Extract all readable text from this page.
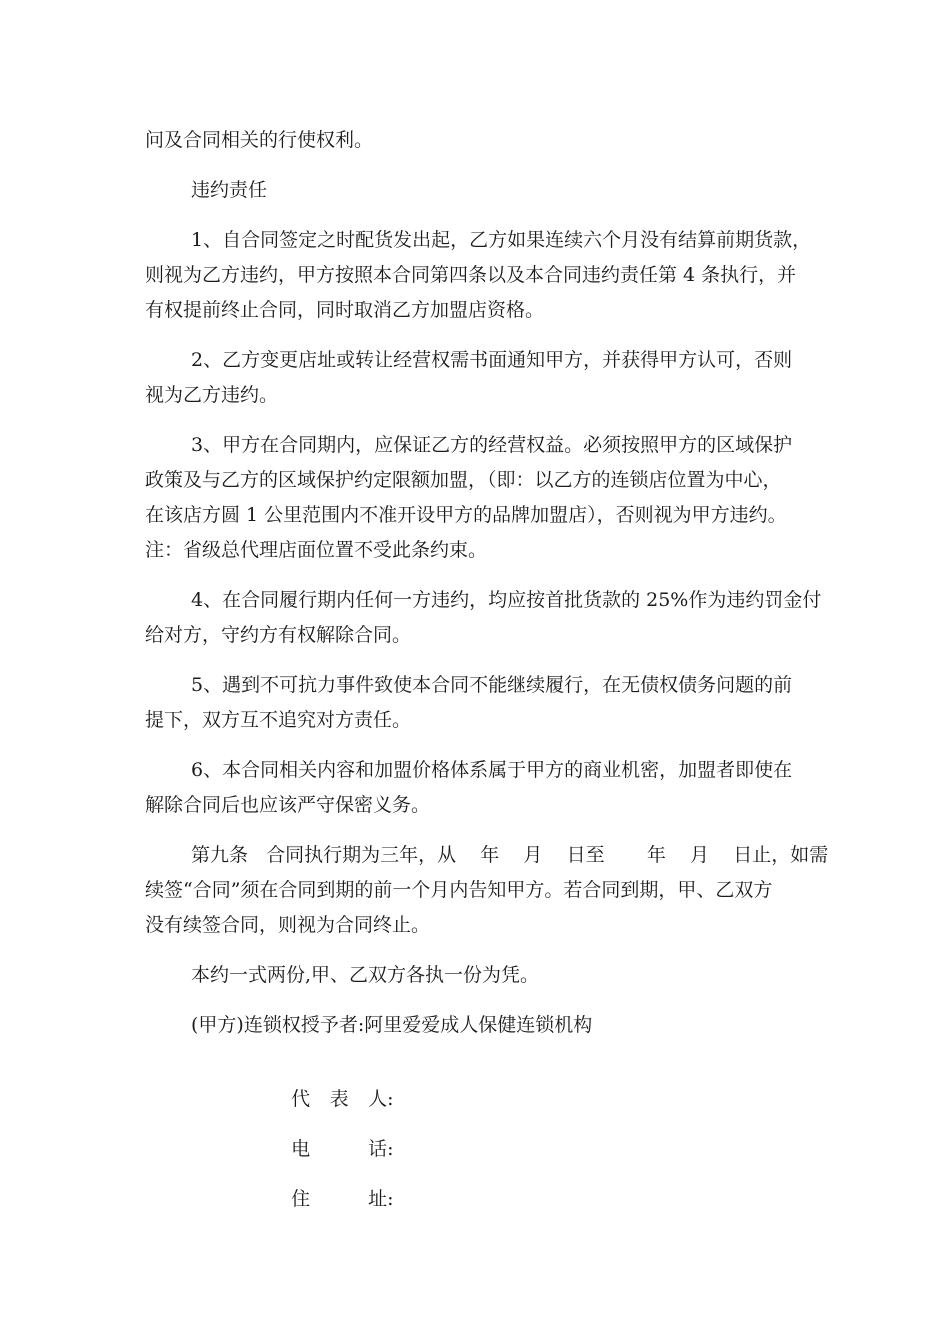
问及合同相关的行使权利。

违约责任

1、自合同签定之时配货发出起，乙方如果连续六个月没有结算前期货款，

则视为乙方违约，甲方按照本合同第四条以及本合同违约责任第 4 条执行，并

有权提前终止合同，同时取消乙方加盟店资格。

2、乙方变更店址或转让经营权需书面通知甲方，并获得甲方认可，否则

视为乙方违约。

3、甲方在合同期内，应保证乙方的经营权益。必须按照甲方的区域保护

政策及与乙方的区域保护约定限额加盟，（即：以乙方的连锁店位置为中心，

在该店方圆 1 公里范围内不准开设甲方的品牌加盟店），否则视为甲方违约。

注：省级总代理店面位置不受此条约束。

4、在合同履行期内任何一方违约，均应按首批货款的 25%作为违约罚金付

给对方，守约方有权解除合同。

5、遇到不可抗力事件致使本合同不能继续履行，在无债权债务问题的前

提下，双方互不追究对方责任。

6、本合同相关内容和加盟价格体系属于甲方的商业机密，加盟者即使在

解除合同后也应该严守保密义务。

第九条   合同执行期为三年，从    年    月    日至       年    月    日止，如需

续签“合同”须在合同到期的前一个月内告知甲方。若合同到期，甲、乙双方

没有续签合同，则视为合同终止。

本约一式两份,甲、乙双方各执一份为凭。

(甲方)连锁权授予者:阿里爱爱成人保健连锁机构

代表人:

电话:

住址:
